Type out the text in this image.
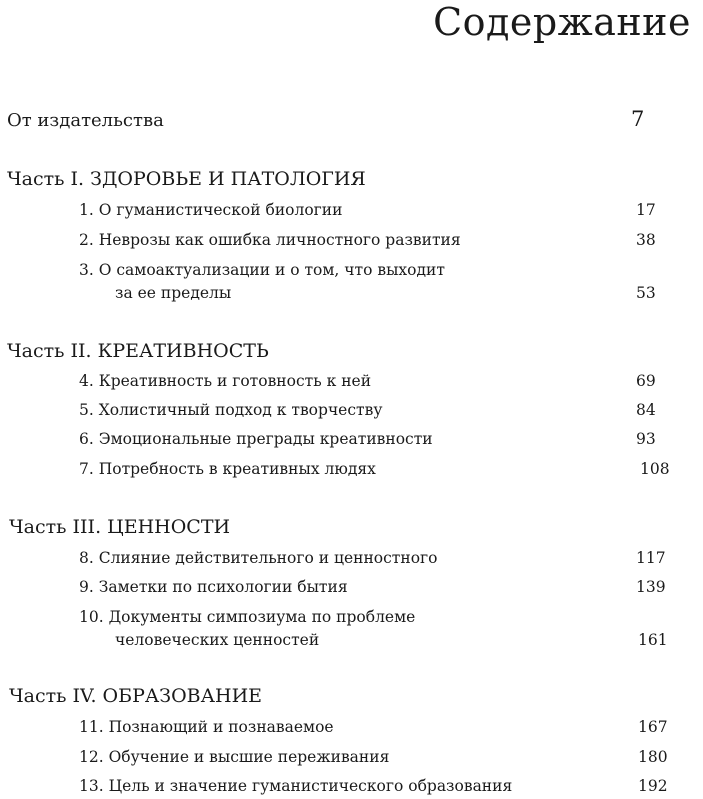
Содержание
От издательства	7
Часть I. ЗДОРОВЬЕ И ПАТОЛОГИЯ
1. О гуманистической биологии	17
2. Неврозы как ошибка личностного развития	38
3. О самоактуализации и о том, что выходит
за ее пределы	53
Часть II. КРЕАТИВНОСТЬ
4. Креативность и готовность к ней	69
5. Холистичный подход к творчеству	84
6. Эмоциональные преграды креативности	93
7. Потребность в креативных людях	108
Часть III. ЦЕННОСТИ
8. Слияние действительного и ценностного	117
9. Заметки по психологии бытия	139
10. Документы симпозиума по проблеме
человеческих ценностей	161
Часть IV. ОБРАЗОВАНИЕ
11. Познающий и познаваемое	167
12. Обучение и высшие переживания	180
13. Цель и значение гуманистического образования	192
